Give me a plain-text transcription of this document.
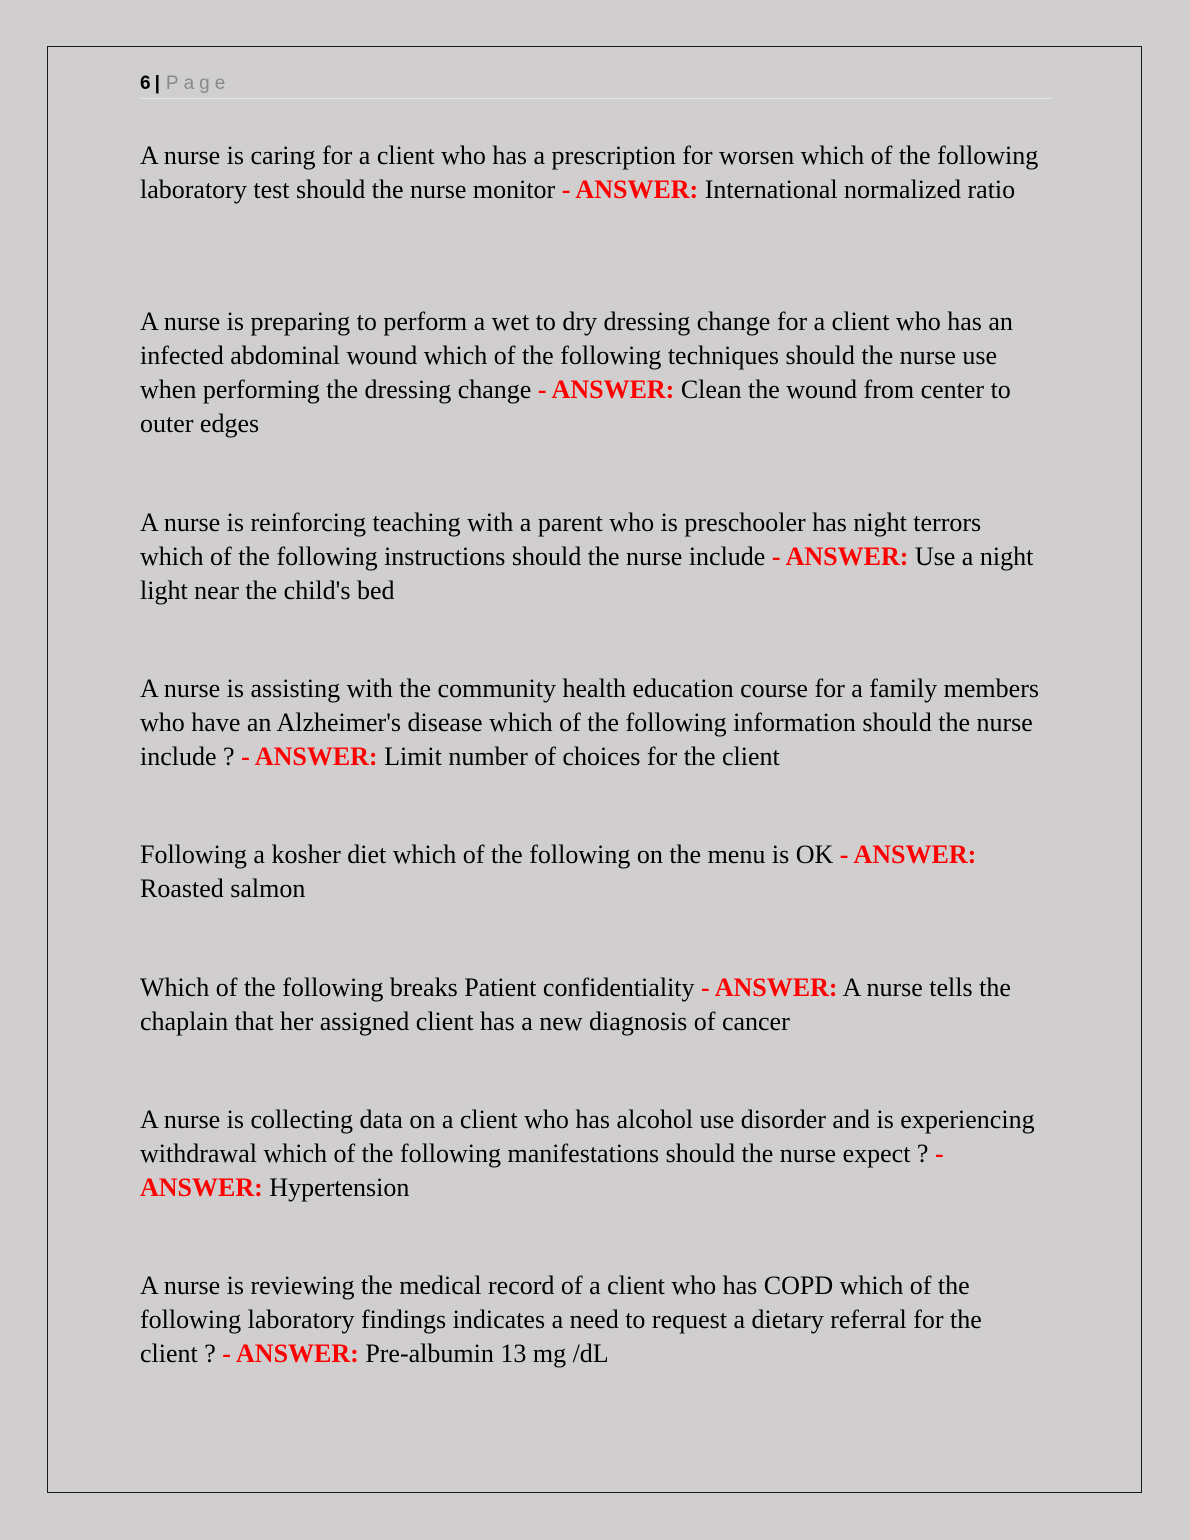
6 | Page

A nurse is caring for a client who has a prescription for worsen which of the following laboratory test should the nurse monitor - ANSWER: International normalized ratio

A nurse is preparing to perform a wet to dry dressing change for a client who has an infected abdominal wound which of the following techniques should the nurse use when performing the dressing change - ANSWER: Clean the wound from center to outer edges

A nurse is reinforcing teaching with a parent who is preschooler has night terrors which of the following instructions should the nurse include - ANSWER: Use a night light near the child's bed

A nurse is assisting with the community health education course for a family members who have an Alzheimer's disease which of the following information should the nurse include ? - ANSWER: Limit number of choices for the client

Following a kosher diet which of the following on the menu is OK - ANSWER: Roasted salmon

Which of the following breaks Patient confidentiality - ANSWER: A nurse tells the chaplain that her assigned client has a new diagnosis of cancer

A nurse is collecting data on a client who has alcohol use disorder and is experiencing withdrawal which of the following manifestations should the nurse expect ? - ANSWER: Hypertension

A nurse is reviewing the medical record of a client who has COPD which of the following laboratory findings indicates a need to request a dietary referral for the client ? - ANSWER: Pre-albumin 13 mg /dL
